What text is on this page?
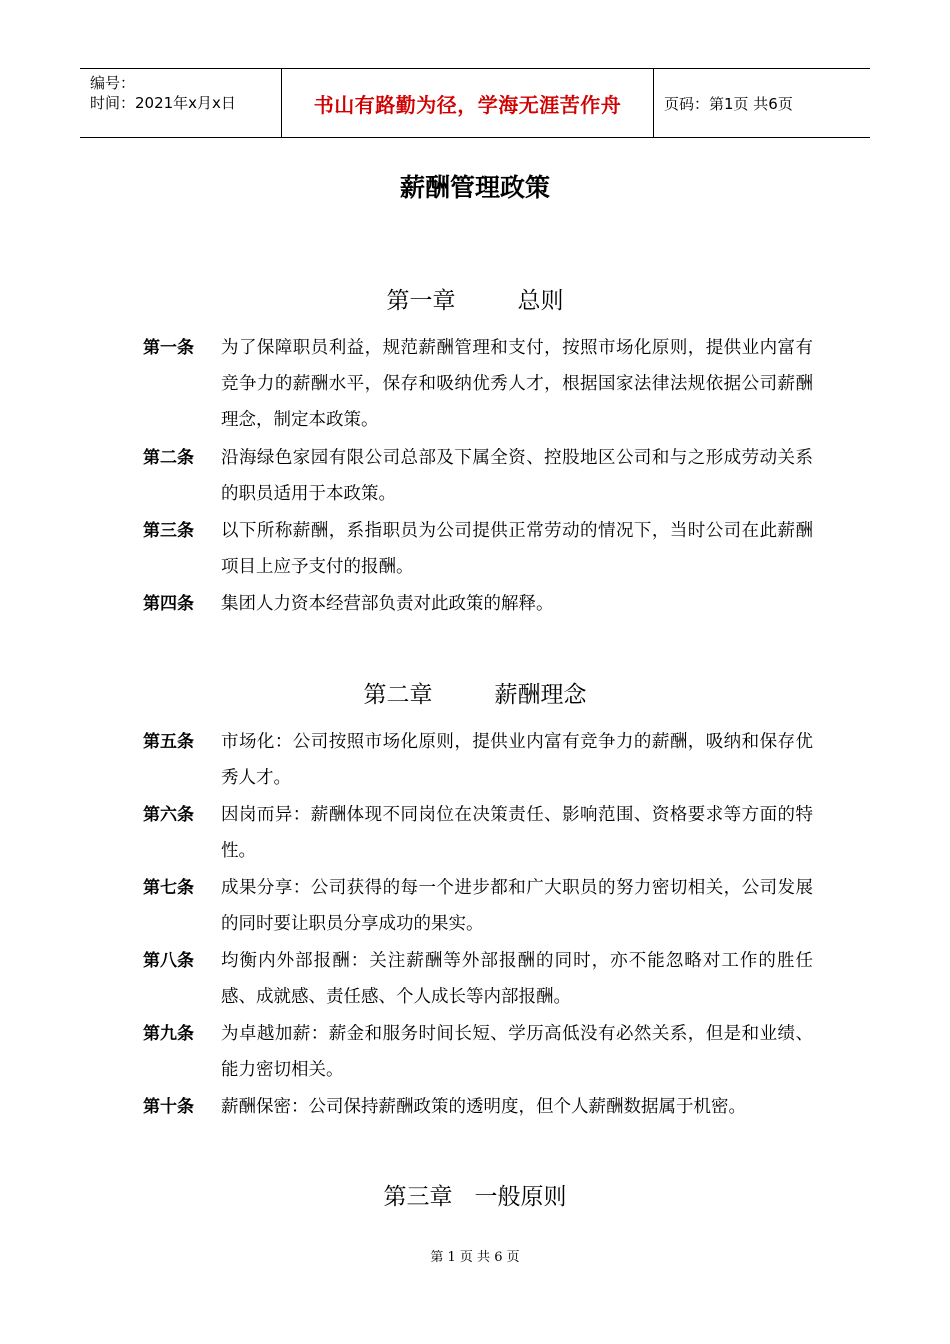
编号：
时间：2021年x月x日	书山有路勤为径，学海无涯苦作舟	页码：第1页 共6页
薪酬管理政策
第一章	总则
第一条 为了保障职员利益，规范薪酬管理和支付，按照市场化原则，提供业内富有竞争力的薪酬水平，保存和吸纳优秀人才，根据国家法律法规依据公司薪酬理念，制定本政策。
第二条 沿海绿色家园有限公司总部及下属全资、控股地区公司和与之形成劳动关系的职员适用于本政策。
第三条 以下所称薪酬，系指职员为公司提供正常劳动的情况下，当时公司在此薪酬项目上应予支付的报酬。
第四条 集团人力资本经营部负责对此政策的解释。
第二章	薪酬理念
第五条 市场化：公司按照市场化原则，提供业内富有竞争力的薪酬，吸纳和保存优秀人才。
第六条 因岗而异：薪酬体现不同岗位在决策责任、影响范围、资格要求等方面的特性。
第七条 成果分享：公司获得的每一个进步都和广大职员的努力密切相关，公司发展的同时要让职员分享成功的果实。
第八条 均衡内外部报酬：关注薪酬等外部报酬的同时，亦不能忽略对工作的胜任感、成就感、责任感、个人成长等内部报酬。
第九条 为卓越加薪：薪金和服务时间长短、学历高低没有必然关系，但是和业绩、能力密切相关。
第十条 薪酬保密：公司保持薪酬政策的透明度，但个人薪酬数据属于机密。
第三章 一般原则
第 1 页 共 6 页
